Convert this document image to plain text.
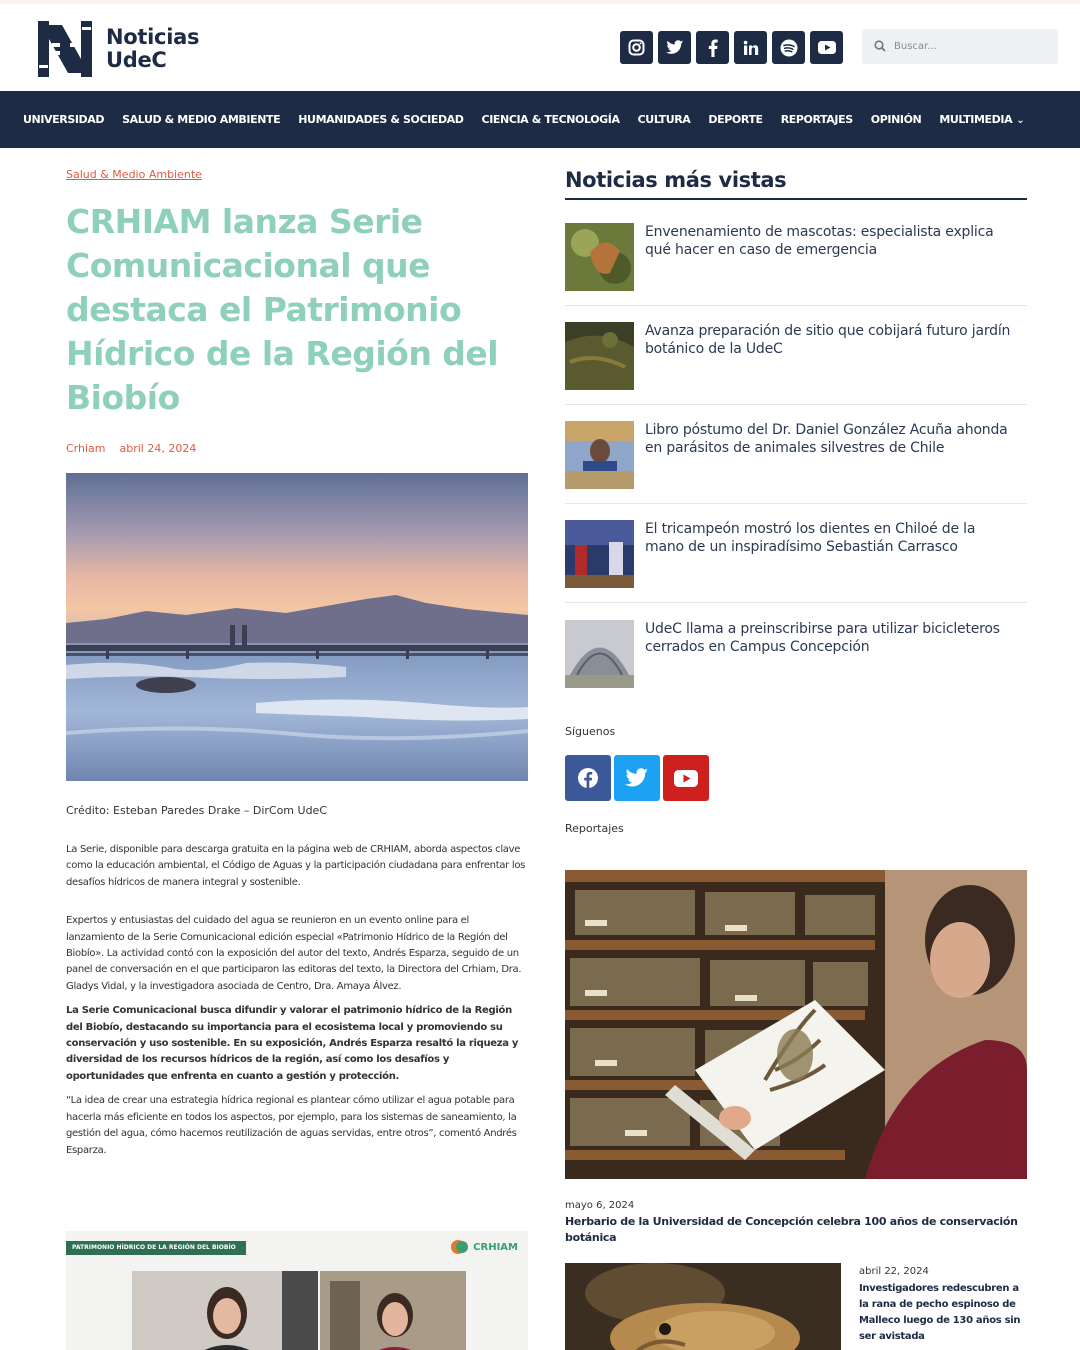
Noticias
UdeC
Buscar...
UNIVERSIDAD SALUD & MEDIO AMBIENTE HUMANIDADES & SOCIEDAD CIENCIA & TECNOLOGÍA CULTURA DEPORTE REPORTAJES OPINIÓN MULTIMEDIA ⌄
Salud & Medio Ambiente
CRHIAM lanza Serie Comunicacional que destaca el Patrimonio Hídrico de la Región del Biobío
Crhiam abril 24, 2024
Crédito: Esteban Paredes Drake – DirCom UdeC

La Serie, disponible para descarga gratuita en la página web de CRHIAM, aborda aspectos clave como la educación ambiental, el Código de Aguas y la participación ciudadana para enfrentar los desafíos hídricos de manera integral y sostenible.

Expertos y entusiastas del cuidado del agua se reunieron en un evento online para el lanzamiento de la Serie Comunicacional edición especial «Patrimonio Hídrico de la Región del Biobío». La actividad contó con la exposición del autor del texto, Andrés Esparza, seguido de un panel de conversación en el que participaron las editoras del texto, la Directora del Crhiam, Dra. Gladys Vidal, y la investigadora asociada de Centro, Dra. Amaya Álvez.

La Serie Comunicacional busca difundir y valorar el patrimonio hídrico de la Región del Biobío, destacando su importancia para el ecosistema local y promoviendo su conservación y uso sostenible. En su exposición, Andrés Esparza resaltó la riqueza y diversidad de los recursos hídricos de la región, así como los desafíos y oportunidades que enfrenta en cuanto a gestión y protección.

“La idea de crear una estrategia hídrica regional es plantear cómo utilizar el agua potable para hacerla más eficiente en todos los aspectos, por ejemplo, para los sistemas de saneamiento, la gestión del agua, cómo hacemos reutilización de aguas servidas, entre otros”, comentó Andrés Esparza.

PATRIMONIO HÍDRICO DE LA REGIÓN DEL BIOBÍO	CRHIAM
Noticias más vistas
Envenenamiento de mascotas: especialista explica qué hacer en caso de emergencia
Avanza preparación de sitio que cobijará futuro jardín botánico de la UdeC
Libro póstumo del Dr. Daniel González Acuña ahonda en parásitos de animales silvestres de Chile
El tricampeón mostró los dientes en Chiloé de la mano de un inspiradísimo Sebastián Carrasco
UdeC llama a preinscribirse para utilizar bicicleteros cerrados en Campus Concepción
Síguenos
Reportajes
mayo 6, 2024
Herbario de la Universidad de Concepción celebra 100 años de conservación botánica
abril 22, 2024
Investigadores redescubren a la rana de pecho espinoso de Malleco luego de 130 años sin ser avistada
